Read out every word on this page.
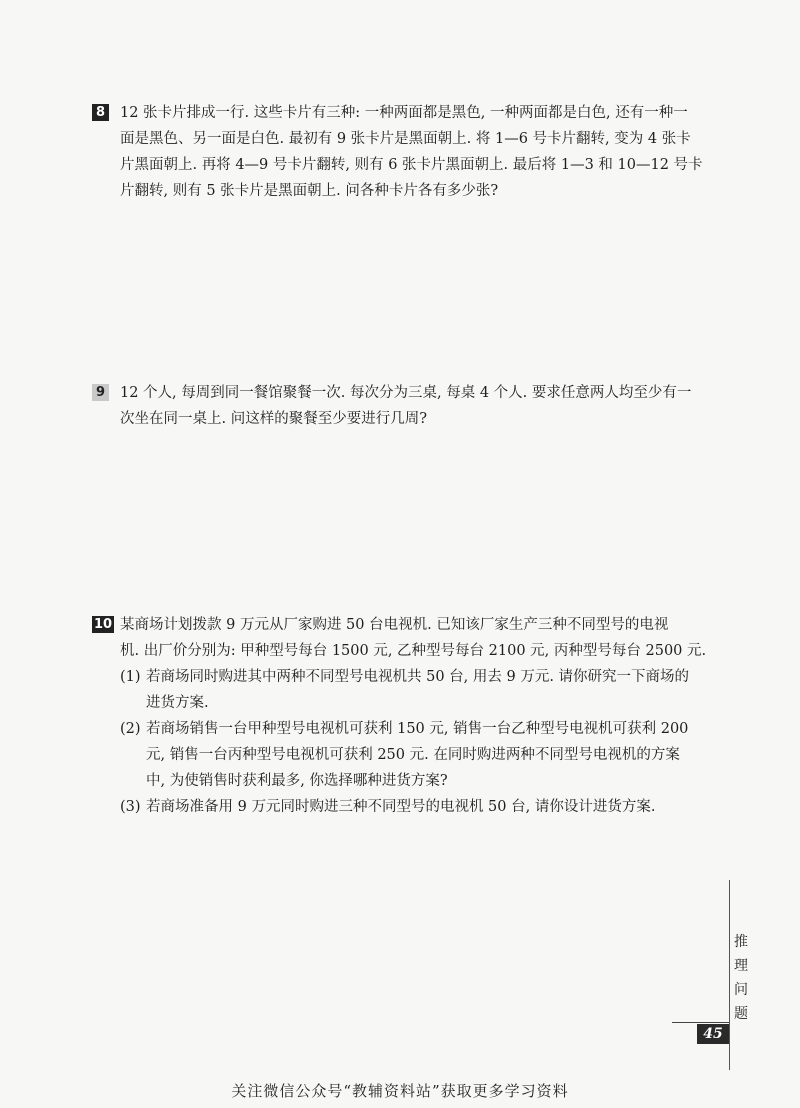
8 12 张卡片排成一行. 这些卡片有三种: 一种两面都是黑色, 一种两面都是白色, 还有一种一
面是黑色、另一面是白色. 最初有 9 张卡片是黑面朝上. 将 1—6 号卡片翻转, 变为 4 张卡
片黑面朝上. 再将 4—9 号卡片翻转, 则有 6 张卡片黑面朝上. 最后将 1—3 和 10—12 号卡
片翻转, 则有 5 张卡片是黑面朝上. 问各种卡片各有多少张?
9 12 个人, 每周到同一餐馆聚餐一次. 每次分为三桌, 每桌 4 个人. 要求任意两人均至少有一
次坐在同一桌上. 问这样的聚餐至少要进行几周?
10 某商场计划拨款 9 万元从厂家购进 50 台电视机. 已知该厂家生产三种不同型号的电视
机. 出厂价分别为: 甲种型号每台 1500 元, 乙种型号每台 2100 元, 丙种型号每台 2500 元.
(1) 若商场同时购进其中两种不同型号电视机共 50 台, 用去 9 万元. 请你研究一下商场的
进货方案.
(2) 若商场销售一台甲种型号电视机可获利 150 元, 销售一台乙种型号电视机可获利 200
元, 销售一台丙种型号电视机可获利 250 元. 在同时购进两种不同型号电视机的方案
中, 为使销售时获利最多, 你选择哪种进货方案?
(3) 若商场准备用 9 万元同时购进三种不同型号的电视机 50 台, 请你设计进货方案.
推
理
问
题
45
关注微信公众号“教辅资料站”获取更多学习资料
